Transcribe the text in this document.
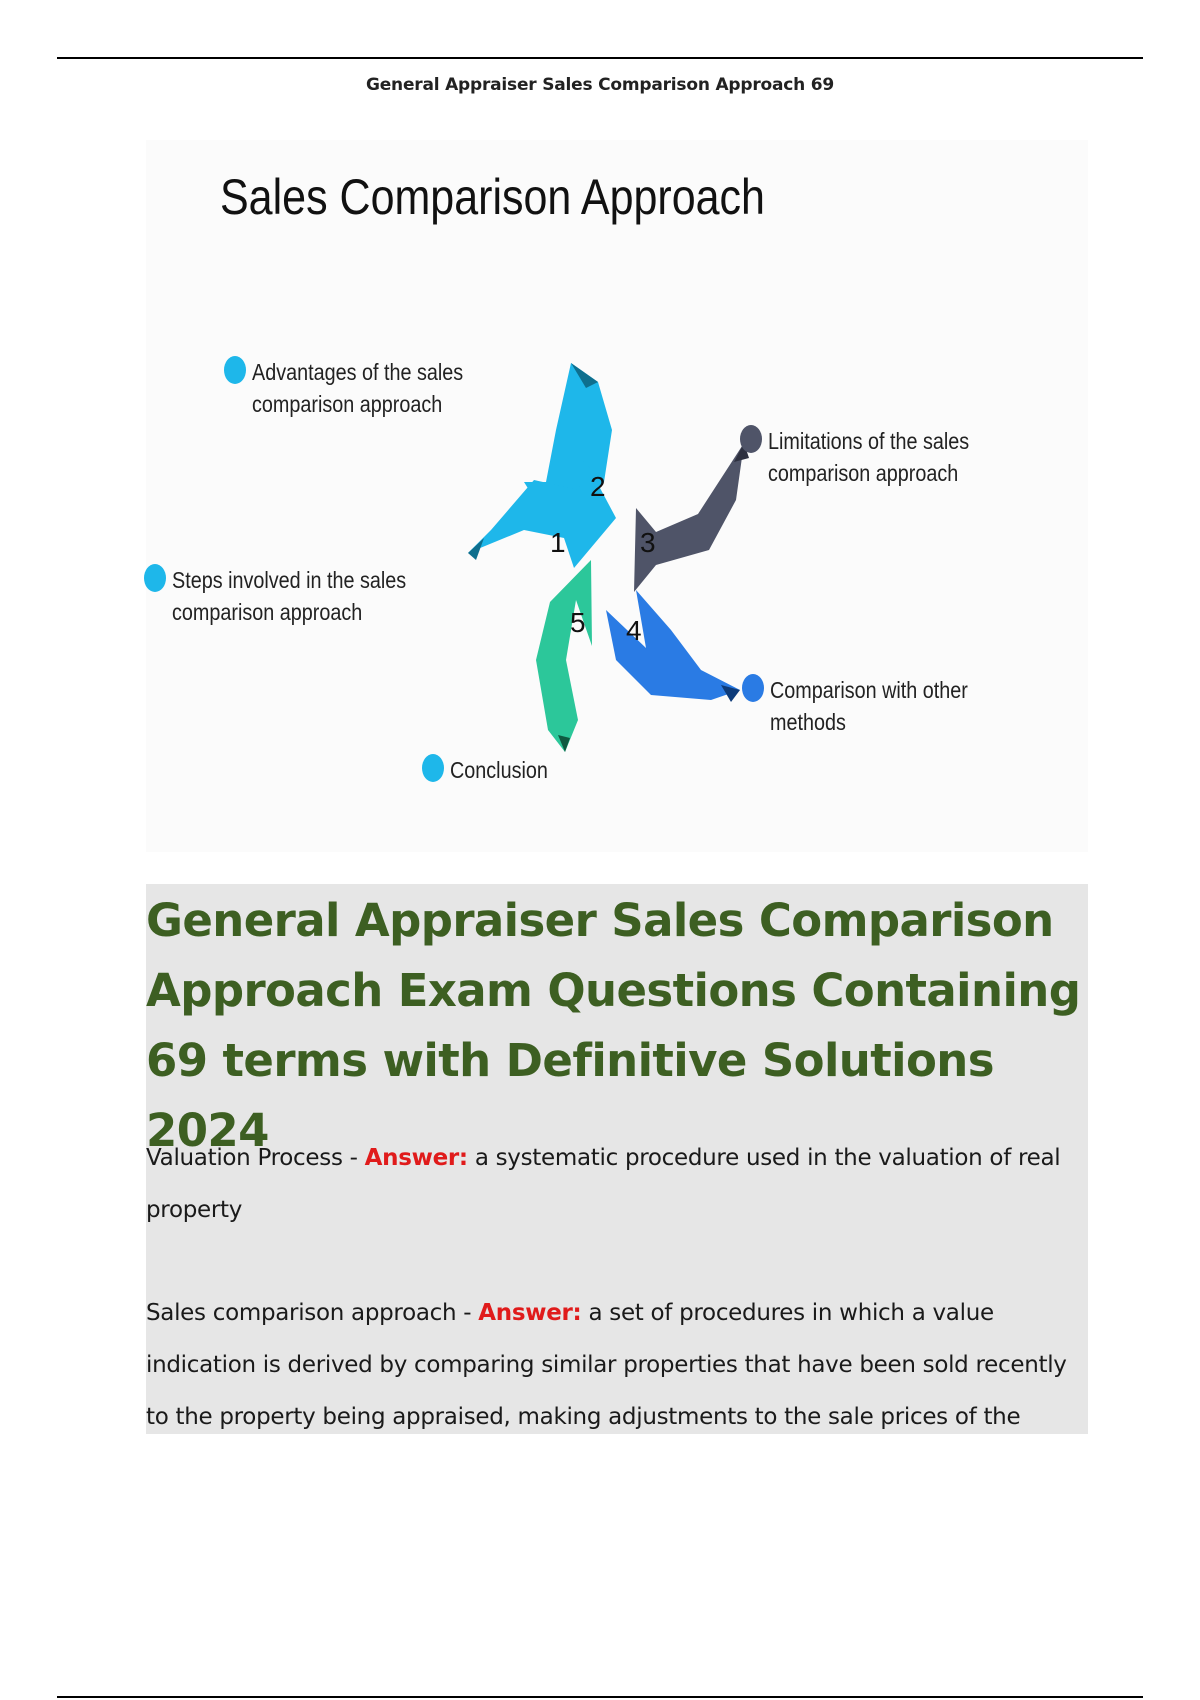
General Appraiser Sales Comparison Approach 69
1
2
3
4
5
Sales Comparison Approach
Advantages of the sales
comparison approach
Limitations of the sales
comparison approach
Steps involved in the sales
comparison approach
Comparison with other methods
Conclusion
General Appraiser Sales Comparison Approach Exam Questions Containing 69 terms with Definitive Solutions 2024
Valuation Process - Answer: a systematic procedure used in the valuation of real property
Sales comparison approach - Answer: a set of procedures in which a value indication is derived by comparing similar properties that have been sold recently to the property being appraised, making adjustments to the sale prices of the
